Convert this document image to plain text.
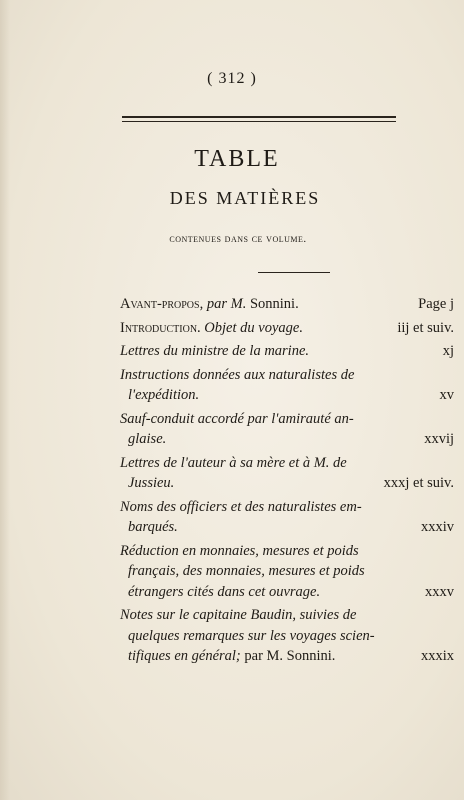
( 312 )
TABLE
DES MATIÈRES
contenues dans ce volume.
Avant-propos, par M. Sonnini.	Page j
Introduction. Objet du voyage.	iij et suiv.
Lettres du ministre de la marine.	xj
Instructions données aux naturalistes de
l'expédition.	xv
Sauf-conduit accordé par l'amirauté an-
glaise.	xxvij
Lettres de l'auteur à sa mère et à M. de
Jussieu.	xxxj et suiv.
Noms des officiers et des naturalistes em-
barqués.	xxxiv
Réduction en monnaies, mesures et poids
français, des monnaies, mesures et poids
étrangers cités dans cet ouvrage.	xxxv
Notes sur le capitaine Baudin, suivies de
quelques remarques sur les voyages scien-
tifiques en général; par M. Sonnini.	xxxix
